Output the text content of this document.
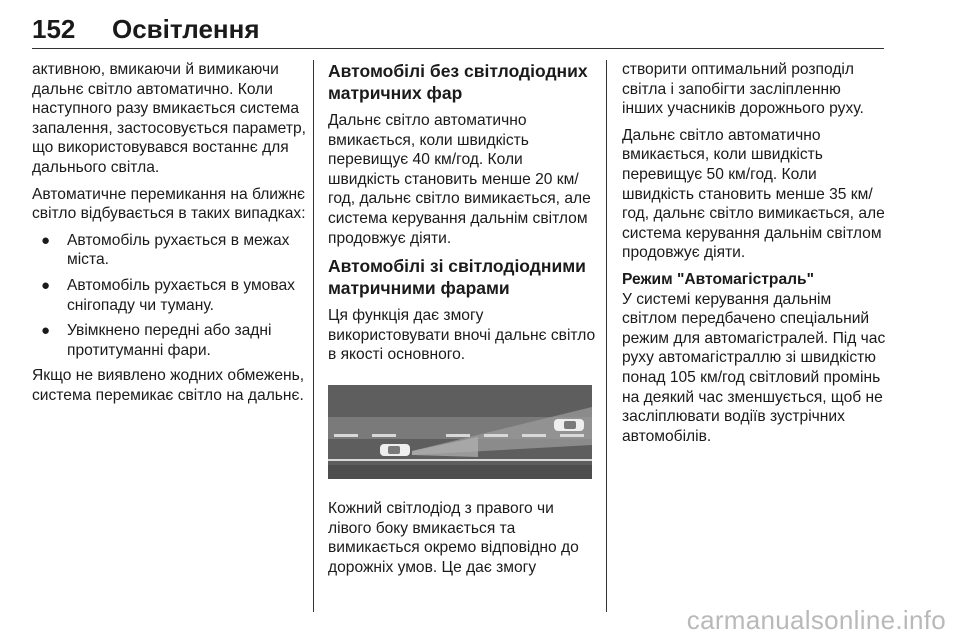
152 Освітлення

активною, вмикаючи й вимикаючи дальнє світло автоматично. Коли наступного разу вмикається система запалення, застосовується параметр, що використовувався востаннє для дальнього світла.

Автоматичне перемикання на ближнє світло відбувається в таких випадках:

● Автомобіль рухається в межах міста.
● Автомобіль рухається в умовах снігопаду чи туману.
● Увімкнено передні або задні протитуманні фари.

Якщо не виявлено жодних обмежень, система перемикає світло на дальнє.

Автомобілі без світлодіодних матричних фар

Дальнє світло автоматично вмикається, коли швидкість перевищує 40 км/год. Коли швидкість становить менше 20 км/год, дальнє світло вимикається, але система керування дальнім світлом продовжує діяти.

Автомобілі зі світлодіодними матричними фарами

Ця функція дає змогу використовувати вночі дальнє світло в якості основного.

Кожний світлодіод з правого чи лівого боку вмикається та вимикається окремо відповідно до дорожніх умов. Це дає змогу

створити оптимальний розподіл світла і запобігти засліпленню інших учасників дорожнього руху.

Дальнє світло автоматично вмикається, коли швидкість перевищує 50 км/год. Коли швидкість становить менше 35 км/год, дальнє світло вимикається, але система керування дальнім світлом продовжує діяти.

Режим "Автомагістраль"

У системі керування дальнім світлом передбачено спеціальний режим для автомагістралей. Під час руху автомагістраллю зі швидкістю понад 105 км/год світловий промінь на деякий час зменшується, щоб не засліплювати водіїв зустрічних автомобілів.

carmanualsonline.info
